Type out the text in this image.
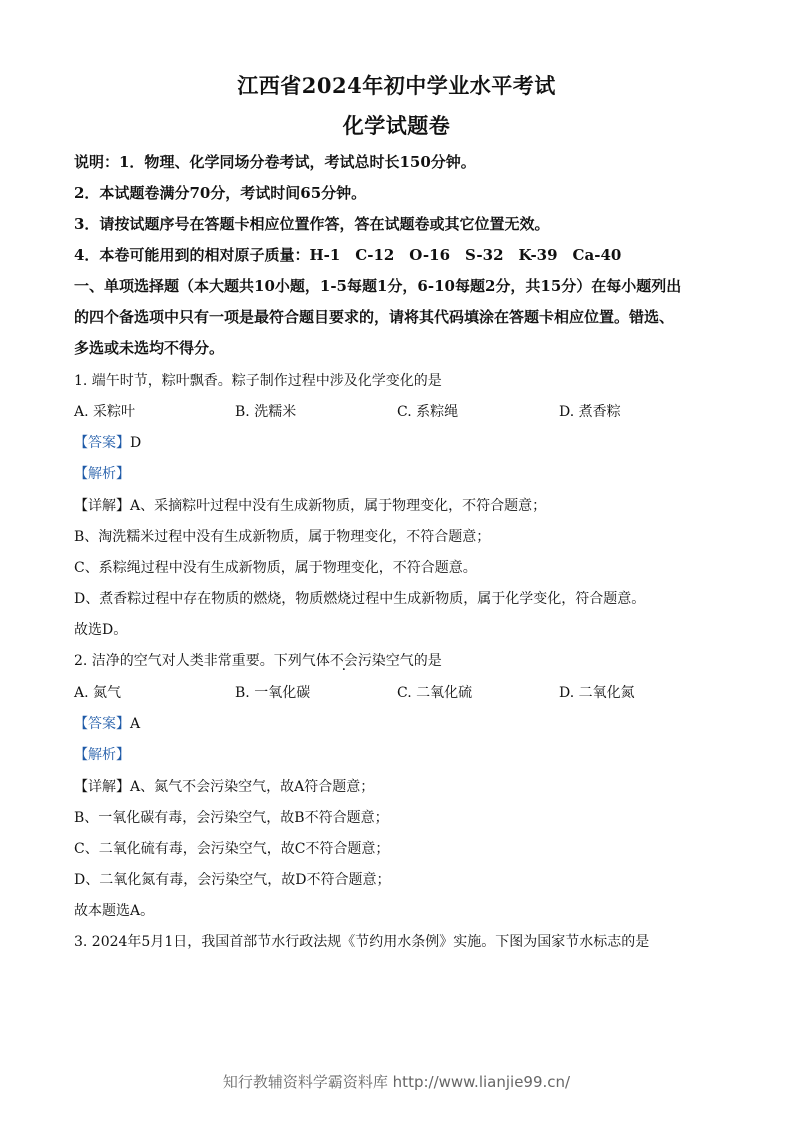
江西省2024年初中学业水平考试
化学试题卷
说明：1．物理、化学同场分卷考试，考试总时长150分钟。
2．本试题卷满分70分，考试时间65分钟。
3．请按试题序号在答题卡相应位置作答，答在试题卷或其它位置无效。
4．本卷可能用到的相对原子质量：H-1　C-12　O-16　S-32　K-39　Ca-40
一、单项选择题（本大题共10小题，1-5每题1分，6-10每题2分，共15分）在每小题列出
的四个备选项中只有一项是最符合题目要求的，请将其代码填涂在答题卡相应位置。错选、
多选或未选均不得分。
1. 端午时节，粽叶飘香。粽子制作过程中涉及化学变化的是
A. 采粽叶	B. 洗糯米	C. 系粽绳	D. 煮香粽
【答案】D
【解析】
【详解】A、采摘粽叶过程中没有生成新物质，属于物理变化，不符合题意；
B、淘洗糯米过程中没有生成新物质，属于物理变化，不符合题意；
C、系粽绳过程中没有生成新物质，属于物理变化，不符合题意。
D、煮香粽过程中存在物质的燃烧，物质燃烧过程中生成新物质，属于化学变化，符合题意。
故选D。
2. 洁净的空气对人类非常重要。下列气体不会污染空气的是
A. 氮气	B. 一氧化碳	C. 二氧化硫	D. 二氧化氮
【答案】A
【解析】
【详解】A、氮气不会污染空气，故A符合题意；
B、一氧化碳有毒，会污染空气，故B不符合题意；
C、二氧化硫有毒，会污染空气，故C不符合题意；
D、二氧化氮有毒，会污染空气，故D不符合题意；
故本题选A。
3. 2024年5月1日，我国首部节水行政法规《节约用水条例》实施。下图为国家节水标志的是
知行教辅资料学霸资料库 http://www.lianjie99.cn/
